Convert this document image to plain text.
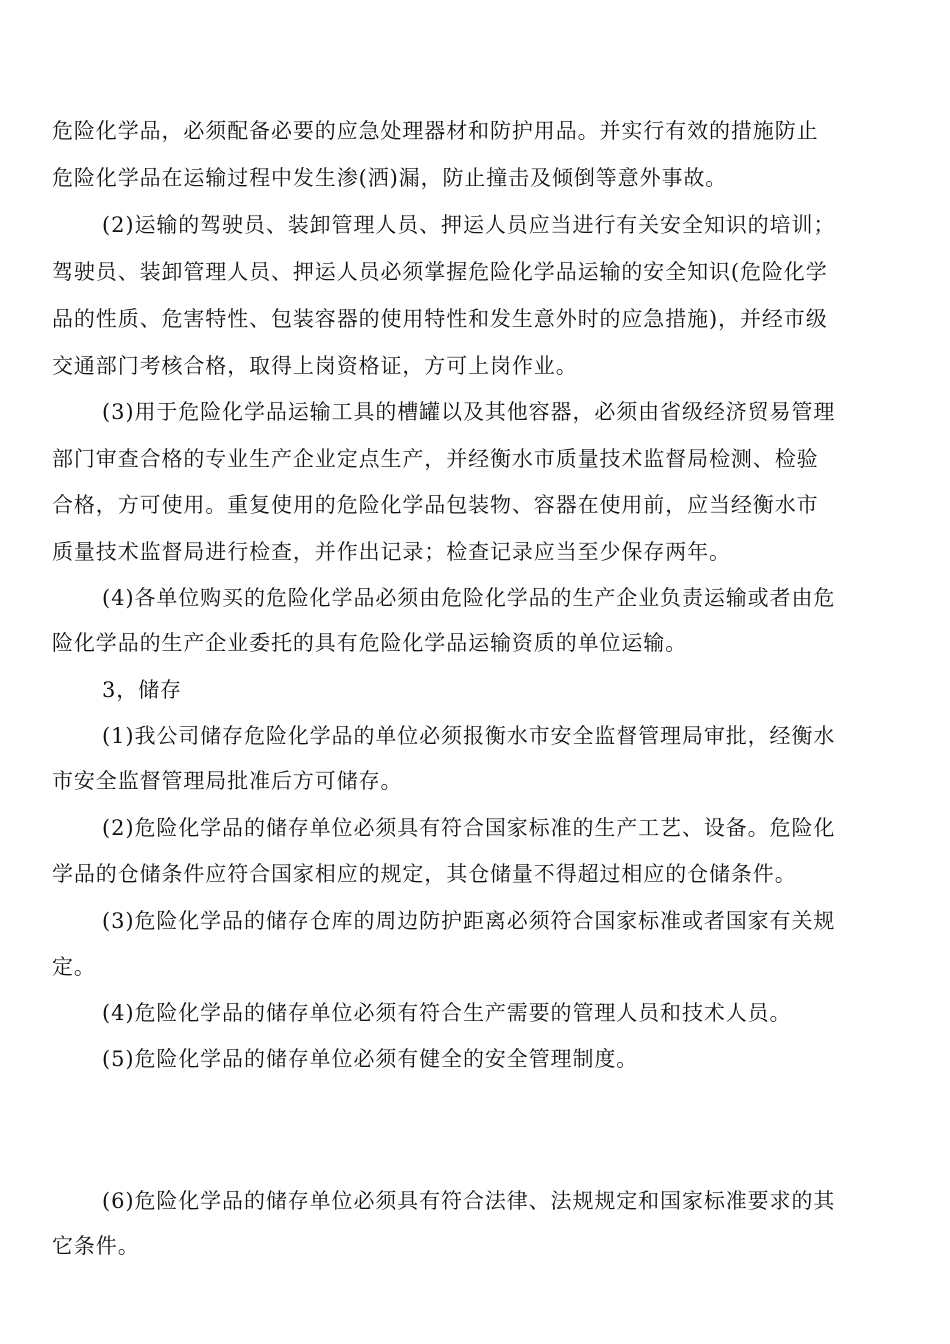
危险化学品，必须配备必要的应急处理器材和防护用品。并实行有效的措施防止
危险化学品在运输过程中发生渗(洒)漏，防止撞击及倾倒等意外事故。
(2)运输的驾驶员、装卸管理人员、押运人员应当进行有关安全知识的培训；
驾驶员、装卸管理人员、押运人员必须掌握危险化学品运输的安全知识(危险化学
品的性质、危害特性、包装容器的使用特性和发生意外时的应急措施)，并经市级
交通部门考核合格，取得上岗资格证，方可上岗作业。
(3)用于危险化学品运输工具的槽罐以及其他容器，必须由省级经济贸易管理
部门审查合格的专业生产企业定点生产，并经衡水市质量技术监督局检测、检验
合格，方可使用。重复使用的危险化学品包装物、容器在使用前，应当经衡水市
质量技术监督局进行检查，并作出记录；检查记录应当至少保存两年。
(4)各单位购买的危险化学品必须由危险化学品的生产企业负责运输或者由危
险化学品的生产企业委托的具有危险化学品运输资质的单位运输。
3，储存
(1)我公司储存危险化学品的单位必须报衡水市安全监督管理局审批，经衡水
市安全监督管理局批准后方可储存。
(2)危险化学品的储存单位必须具有符合国家标准的生产工艺、设备。危险化
学品的仓储条件应符合国家相应的规定，其仓储量不得超过相应的仓储条件。
(3)危险化学品的储存仓库的周边防护距离必须符合国家标准或者国家有关规
定。
(4)危险化学品的储存单位必须有符合生产需要的管理人员和技术人员。
(5)危险化学品的储存单位必须有健全的安全管理制度。
(6)危险化学品的储存单位必须具有符合法律、法规规定和国家标准要求的其
它条件。
